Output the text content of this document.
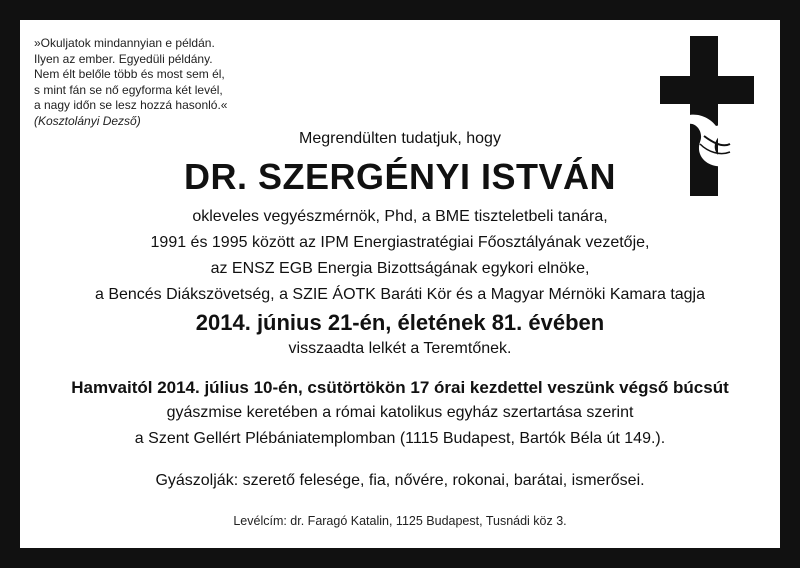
»Okuljatok mindannyian e példán.
Ilyen az ember. Egyedüli példány.
Nem élt belőle több és most sem él,
s mint fán se nő egyforma két levél,
a nagy időn se lesz hozzá hasonló.«
(Kosztolányi Dezső)
Megrendülten tudatjuk, hogy
DR. SZERGÉNYI ISTVÁN
okleveles vegyészmérnök, Phd, a BME tiszteletbeli tanára,
1991 és 1995 között az IPM Energiastratégiai Főosztályának vezetője,
az ENSZ EGB Energia Bizottságának egykori elnöke,
a Bencés Diákszövetség, a SZIE ÁOTK Baráti Kör és a Magyar Mérnöki Kamara tagja
2014. június 21-én, életének 81. évében
visszaadta lelkét a Teremtőnek.
Hamvaitól 2014. július 10-én, csütörtökön 17 órai kezdettel veszünk végső búcsút
gyászmise keretében a római katolikus egyház szertartása szerint
a Szent Gellért Plébániatemplomban (1115 Budapest, Bartók Béla út 149.).
Gyászolják: szerető felesége, fia, nővére, rokonai, barátai, ismerősei.
Levélcím: dr. Faragó Katalin, 1125 Budapest, Tusnádi köz 3.
